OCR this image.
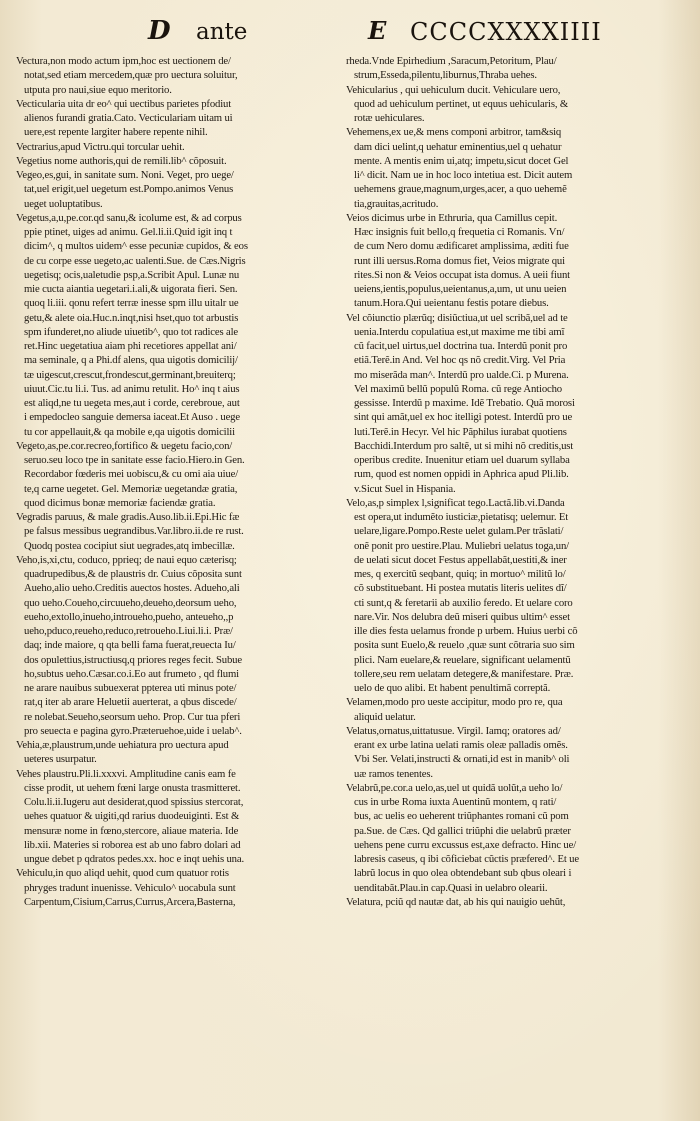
D ante	E CCCCXXXXIIII
Vectura,non modo actum ipm,hoc est uectionem de/
notat,sed etiam mercedem,quæ pro uectura soluitur,
utputa pro naui,siue equo meritorio.
Vecticularia uita dr eo^ qui uectibus parietes pfodiut
alienos furandi gratia.Cato. Vecticulariam uitam ui
uere,est repente largiter habere repente nihil.
Vectrarius,apud Victru.qui torcular uehit.
Vegetius nome authoris,qui de remili.lib^ cõposuit.
Vegeo,es,gui, in sanitate sum. Noni. Veget, pro uege/
tat,uel erigit,uel uegetum est.Pompo.animos Venus
ueget uoluptatibus.
Vegetus,a,u,pe.cor.qd sanu,& icolume est, & ad corpus
ppie ptinet, uiges ad animu. Gel.li.ii.Quid igit inq t
dicim^, q multos uidem^ esse pecuniæ cupidos, & eos
de cu corpe esse uegeto,ac ualenti.Sue. de Cæs.Nigris
uegetisq; ocis,ualetudie psp,a.Scribit Apul. Lunæ nu
mie cucta aiantia uegetari.i.ali,& uigorata fieri. Sen.
quoq li.iii. qonu refert terræ inesse spm illu uitalr ue
getu,& alete oia.Huc.n.inqt,nisi hset,quo tot arbustis
spm ifunderet,no aliude uiuetib^, quo tot radices ale
ret.Hinc uegetatiua aiam phi recetiores appellat ani/
ma seminale, q a Phi.df alens, qua uigotis domicilij/
tæ uigescut,crescut,frondescut,germinant,breuiterq;
uiuut.Cic.tu li.i. Tus. ad animu retulit. Ho^ inq t aius
est aliqd,ne tu uegeta mes,aut i corde, cerebroue, aut
i empedocleo sanguie demersa iaceat.Et Auso . uege
tu cor appellauit,& qa mobile e,qa uigotis domicilii
Vegeto,as,pe.cor.recreo,fortifico & uegetu facio,con/
seruo.seu loco tpe in sanitate esse facio.Hiero.in Gen.
Recordabor fœderis mei uobiscu,& cu omi aia uiue/
te,q carne uegetet. Gel. Memoriæ uegetandæ gratia,
quod dicimus bonæ memoriæ faciendæ gratia.
Vegradis paruus, & male gradis.Auso.lib.ii.Epi.Hic fæ
pe falsus messibus uegrandibus.Var.libro.ii.de re rust.
Quodq postea cocipiut siut uegrades,atq imbecillæ.
Veho,is,xi,ctu, coduco, pprieq; de naui equo cæterisq;
quadrupedibus,& de plaustris dr. Cuius cõposita sunt
Aueho,alio ueho.Creditis auectos hostes. Adueho,ali
quo ueho.Coueho,circuueho,deueho,deorsum ueho,
eueho,extollo,inueho,introueho,pueho, anteueho,,p
ueho,pduco,reueho,reduco,retroueho.Liui.li.i. Præ/
daq; inde maiore, q qta belli fama fuerat,reuecta Iu/
dos opulettius,istructiusq,q priores reges fecit. Subue
ho,subtus ueho.Cæsar.co.i.Eo aut frumeto , qd flumi
ne arare nauibus subuexerat ppterea uti minus pote/
rat,q iter ab arare Heluetii auerterat, a qbus discede/
re nolebat.Seueho,seorsum ueho. Prop. Cur tua pferi
pro seuecta e pagina gyro.Præteruehoe,uide i uelab^.
Vehia,æ,plaustrum,unde uehiatura pro uectura apud
ueteres usurpatur.
Vehes plaustru.Pli.li.xxxvi. Amplitudine canis eam fe
cisse prodit, ut uehem fœni large onusta trasmitteret.
Colu.li.ii.Iugeru aut desiderat,quod spissius stercorat,
uehes quatuor & uigiti,qd rarius duodeuiginti. Est &
mensuræ nome in fœno,stercore, aliaue materia. Ide
lib.xii. Materies si roborea est ab uno fabro dolari ad
ungue debet p qdratos pedes.xx. hoc e inqt uehis una.
Vehiculu,in quo aliqd uehit, quod cum quatuor rotis
phryges tradunt inuenisse. Vehiculo^ uocabula sunt
Carpentum,Cisium,Carrus,Currus,Arcera,Basterna,
rheda.Vnde Epirhedium ,Saracum,Petoritum, Plau/
strum,Esseda,pilentu,liburnus,Thraba uehes.
Vehicularius , qui uehiculum ducit. Vehiculare uero,
quod ad uehiculum pertinet, ut equus uehicularis, &
rotæ uehiculares.
Vehemens,ex ue,& mens componi arbitror, tam&siq
dam dici uelint,q uehatur eminentius,uel q uehatur
mente. A mentis enim ui,atq; impetu,sicut docet Gel
li^ dicit. Nam ue in hoc loco intetiua est. Dicit autem
uehemens graue,magnum,urges,acer, a quo uehemẽ
tia,grauitas,acritudo.
Veios dicimus urbe in Ethruria, qua Camillus cepit.
Hæc insignis fuit bello,q frequetia ci Romanis. Vn/
de cum Nero domu ædificaret amplissima, æditi fue
runt illi uersus.Roma domus fiet, Veios migrate qui
rites.Si non & Veios occupat ista domus. A ueii fiunt
ueiens,ientis,populus,ueientanus,a,um, ut unu ueien
tanum.Hora.Qui ueientanu festis potare diebus.
Vel cõiunctio plærũq; disiũctiua,ut uel scribã,uel ad te
uenia.Interdu copulatiua est,ut maxime me tibi amĩ
cũ facit,uel uirtus,uel doctrina tua. Interdũ ponit pro
etiã.Terẽ.in And. Vel hoc qs nõ credit.Virg. Vel Pria
mo miserãda man^. Interdũ pro ualde.Ci. p Murena.
Vel maximũ bellũ populũ Roma. cũ rege Antiocho
gessisse. Interdũ p maxime. Idẽ Trebatio. Quã morosi
sint qui amãt,uel ex hoc itelligi potest. Interdũ pro ue
luti.Terẽ.in Hecyr. Vel hic Pãphilus iurabat quotiens
Bacchidi.Interdum pro saltẽ, ut si mihi nõ creditis,ust
operibus credite. Inuenitur etiam uel duarum syllaba
rum, quod est nomen oppidi in Aphrica apud Pli.lib.
v.Sicut Suel in Hispania.
Velo,as,p simplex l,significat tego.Lactã.lib.vi.Danda
est opera,ut indumẽto iusticiæ,pietatisq; uelemur. Et
uelare,ligare.Pompo.Reste uelet gulam.Per trãslati/
onẽ ponit pro uestire.Plau. Muliebri uelatus toga,un/
de uelati sicut docet Festus appellabãt,uestiti,& iner
mes, q exercitũ seqbant, quiq; in mortuo^ militũ lo/
cõ substituebant. Hi postea mutatis literis uelites dĩ/
cti sunt,q & feretarii ab auxilio feredo. Et uelare coro
nare.Vir. Nos delubra deũ miseri quibus ultim^ esset
ille dies festa uelamus fronde p urbem. Huius uerbi cõ
posita sunt Euelo,& reuelo ,quæ sunt cõtraria suo sim
plici. Nam euelare,& reuelare, significant uelamentũ
tollere,seu rem uelatam detegere,& manifestare. Præ.
uelo de quo alibi. Et habent penultimã correptã.
Velamen,modo pro ueste accipitur, modo pro re, qua
aliquid uelatur.
Velatus,ornatus,uittatusue. Virgil. Iamq; oratores ad/
erant ex urbe latina uelati ramis oleæ palladis omẽs.
Vbi Ser. Velati,instructi & ornati,id est in manib^ oli
uæ ramos tenentes.
Velabrũ,pe.cor.a uelo,as,uel ut quidã uolũt,a ueho lo/
cus in urbe Roma iuxta Auentinũ montem, q rati/
bus, ac uelis eo ueherent triũphantes romani cũ pom
pa.Sue. de Cæs. Qd gallici triũphi die uelabrũ præter
uehens pene curru excussus est,axe defracto. Hinc ue/
labresis caseus, q ibi cõficiebat cũctis præfered^. Et ue
labrũ locus in quo olea obtendebant sub qbus oleari i
uenditabãt.Plau.in cap.Quasi in uelabro olearii.
Velatura, pciũ qd nautæ dat, ab his qui nauigio uehũt,
